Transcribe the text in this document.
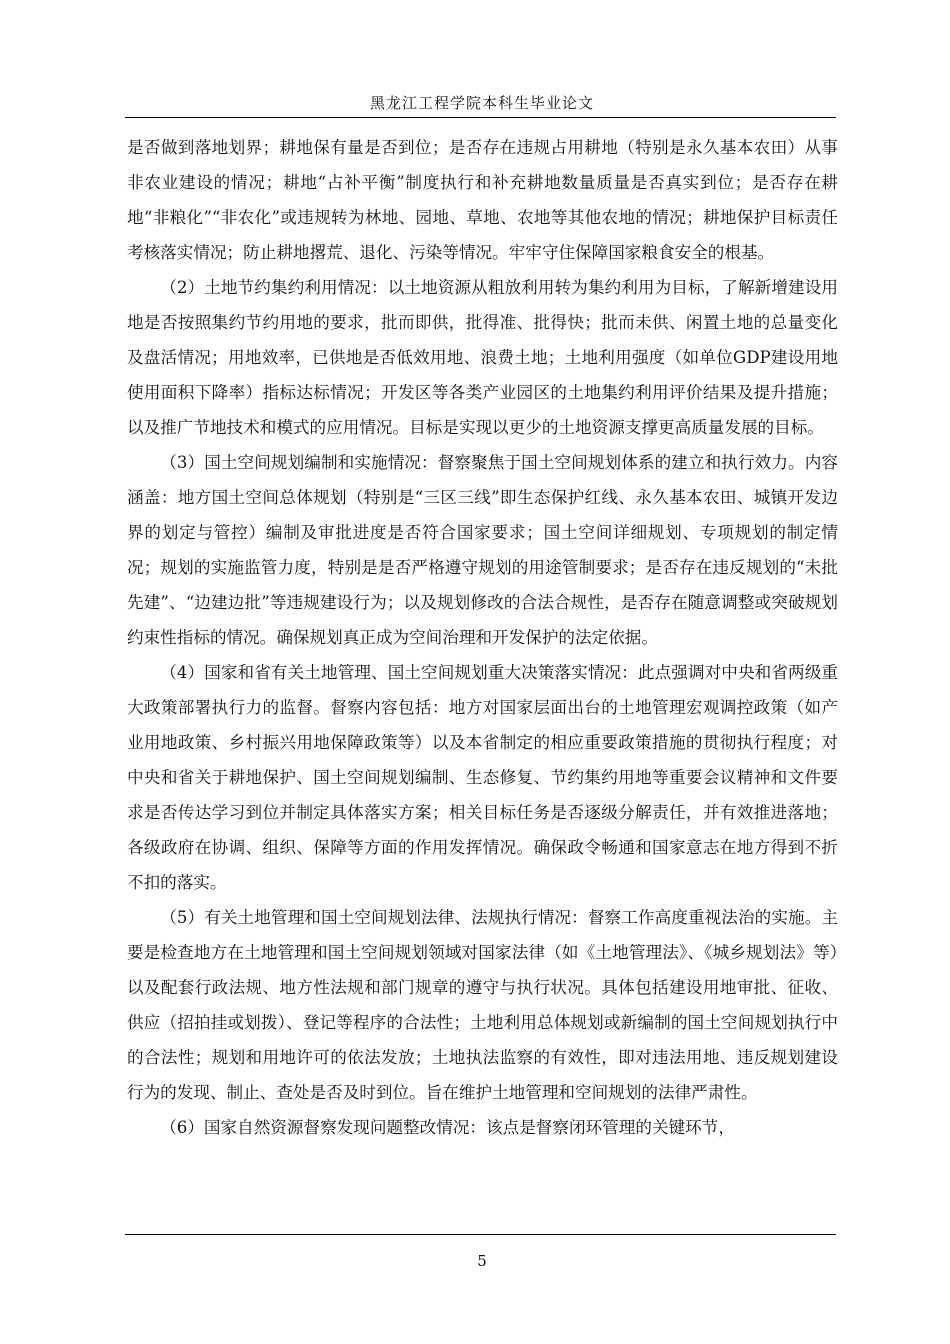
黑龙江工程学院本科生毕业论文

是否做到落地划界；耕地保有量是否到位；是否存在违规占用耕地（特别是永久基本农田）从事非农业建设的情况；耕地“占补平衡”制度执行和补充耕地数量质量是否真实到位；是否存在耕地“非粮化”“非农化”或违规转为林地、园地、草地、农地等其他农地的情况；耕地保护目标责任考核落实情况；防止耕地撂荒、退化、污染等情况。牢牢守住保障国家粮食安全的根基。

（2）土地节约集约利用情况：以土地资源从粗放利用转为集约利用为目标，了解新增建设用地是否按照集约节约用地的要求，批而即供，批得准、批得快；批而未供、闲置土地的总量变化及盘活情况；用地效率，已供地是否低效用地、浪费土地；土地利用强度（如单位GDP建设用地使用面积下降率）指标达标情况；开发区等各类产业园区的土地集约利用评价结果及提升措施；以及推广节地技术和模式的应用情况。目标是实现以更少的土地资源支撑更高质量发展的目标。

（3）国土空间规划编制和实施情况：督察聚焦于国土空间规划体系的建立和执行效力。内容涵盖：地方国土空间总体规划（特别是“三区三线”即生态保护红线、永久基本农田、城镇开发边界的划定与管控）编制及审批进度是否符合国家要求；国土空间详细规划、专项规划的制定情况；规划的实施监管力度，特别是是否严格遵守规划的用途管制要求；是否存在违反规划的“未批先建”、“边建边批”等违规建设行为；以及规划修改的合法合规性，是否存在随意调整或突破规划约束性指标的情况。确保规划真正成为空间治理和开发保护的法定依据。

（4）国家和省有关土地管理、国土空间规划重大决策落实情况：此点强调对中央和省两级重大政策部署执行力的监督。督察内容包括：地方对国家层面出台的土地管理宏观调控政策（如产业用地政策、乡村振兴用地保障政策等）以及本省制定的相应重要政策措施的贯彻执行程度；对中央和省关于耕地保护、国土空间规划编制、生态修复、节约集约用地等重要会议精神和文件要求是否传达学习到位并制定具体落实方案；相关目标任务是否逐级分解责任，并有效推进落地；各级政府在协调、组织、保障等方面的作用发挥情况。确保政令畅通和国家意志在地方得到不折不扣的落实。

（5）有关土地管理和国土空间规划法律、法规执行情况：督察工作高度重视法治的实施。主要是检查地方在土地管理和国土空间规划领域对国家法律（如《土地管理法》、《城乡规划法》等）以及配套行政法规、地方性法规和部门规章的遵守与执行状况。具体包括建设用地审批、征收、供应（招拍挂或划拨）、登记等程序的合法性；土地利用总体规划或新编制的国土空间规划执行中的合法性；规划和用地许可的依法发放；土地执法监察的有效性，即对违法用地、违反规划建设行为的发现、制止、查处是否及时到位。旨在维护土地管理和空间规划的法律严肃性。

（6）国家自然资源督察发现问题整改情况：该点是督察闭环管理的关键环节，

5
